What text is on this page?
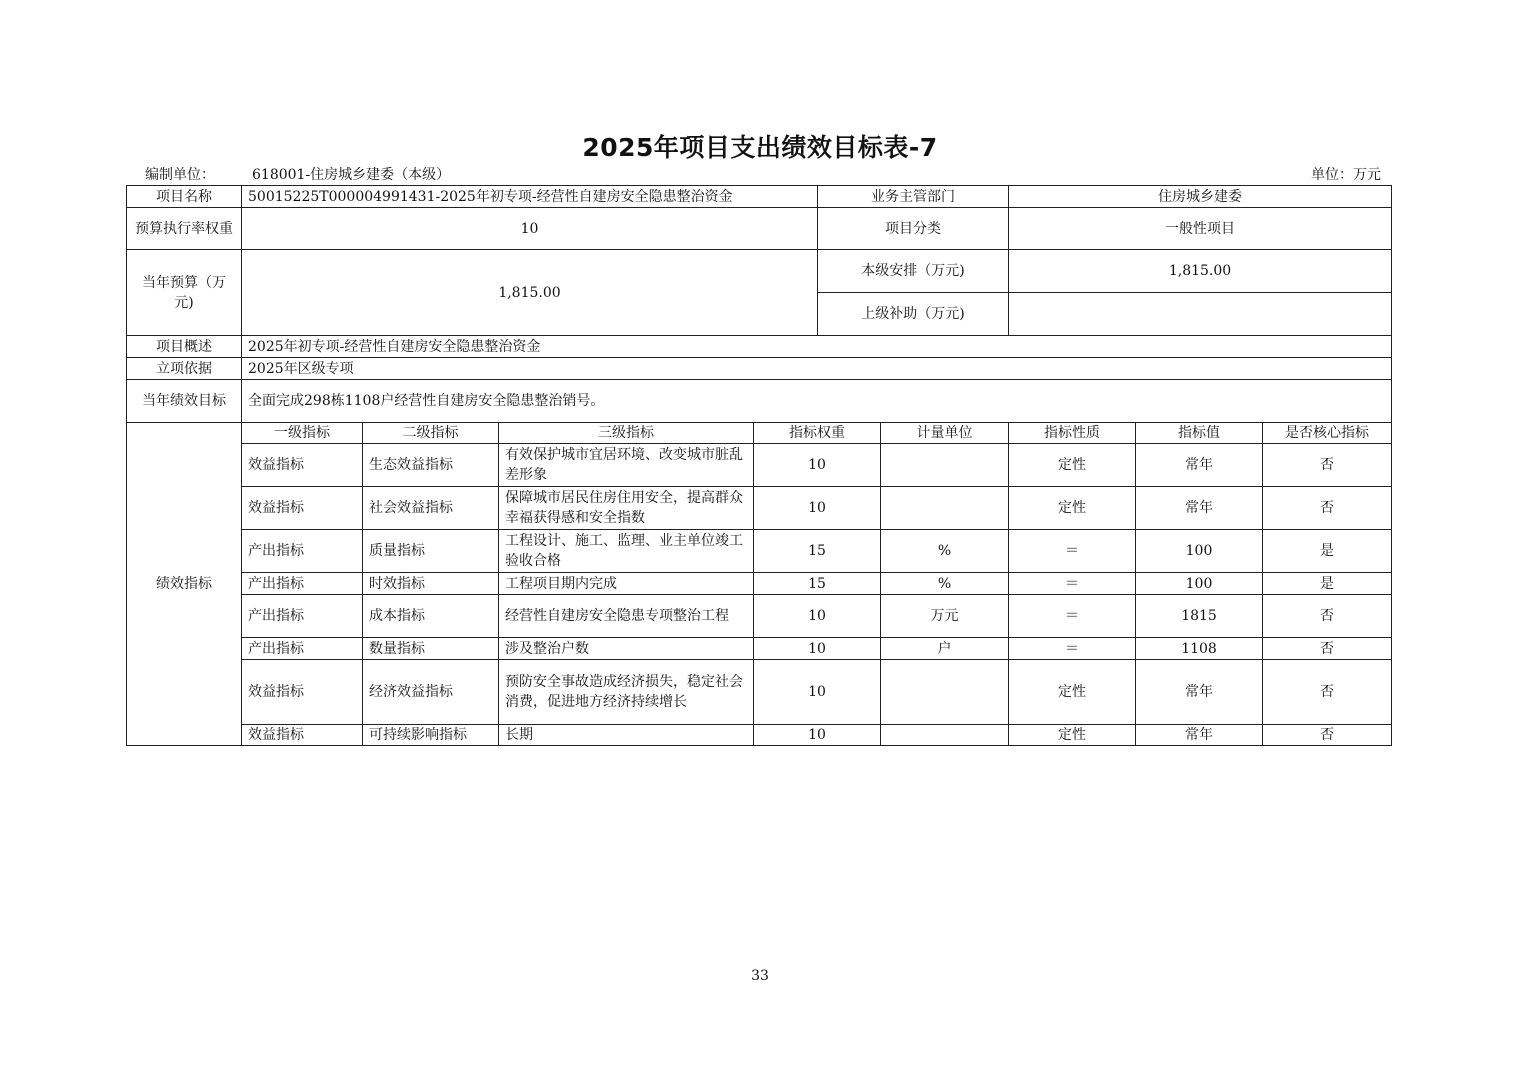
2025年项目支出绩效目标表-7
编制单位：	618001-住房城乡建委（本级）	单位：万元
项目名称	50015225T000004991431-2025年初专项-经营性自建房安全隐患整治资金				业务主管部门		住房城乡建委		
预算执行率权重	10				项目分类		一般性项目		
当年预算（万元)	1,815.00				本级安排（万元)		1,815.00		
					上级补助（万元)				
项目概述	2025年初专项-经营性自建房安全隐患整治资金								
立项依据	2025年区级专项								
当年绩效目标	全面完成298栋1108户经营性自建房安全隐患整治销号。								
绩效指标	一级指标	二级指标	三级指标	指标权重		计量单位	指标性质	指标值	是否核心指标
	效益指标	生态效益指标	有效保护城市宜居环境、改变城市脏乱差形象	10			定性	常年	否
	效益指标	社会效益指标	保障城市居民住房住用安全，提高群众幸福获得感和安全指数	10			定性	常年	否
	产出指标	质量指标	工程设计、施工、监理、业主单位竣工验收合格	15		%	＝	100	是
	产出指标	时效指标	工程项目期内完成	15		%	＝	100	是
	产出指标	成本指标	经营性自建房安全隐患专项整治工程	10		万元	＝	1815	否
	产出指标	数量指标	涉及整治户数	10		户	＝	1108	否
	效益指标	经济效益指标	预防安全事故造成经济损失，稳定社会消费，促进地方经济持续增长	10			定性	常年	否
	效益指标	可持续影响指标	长期	10			定性	常年	否
33
